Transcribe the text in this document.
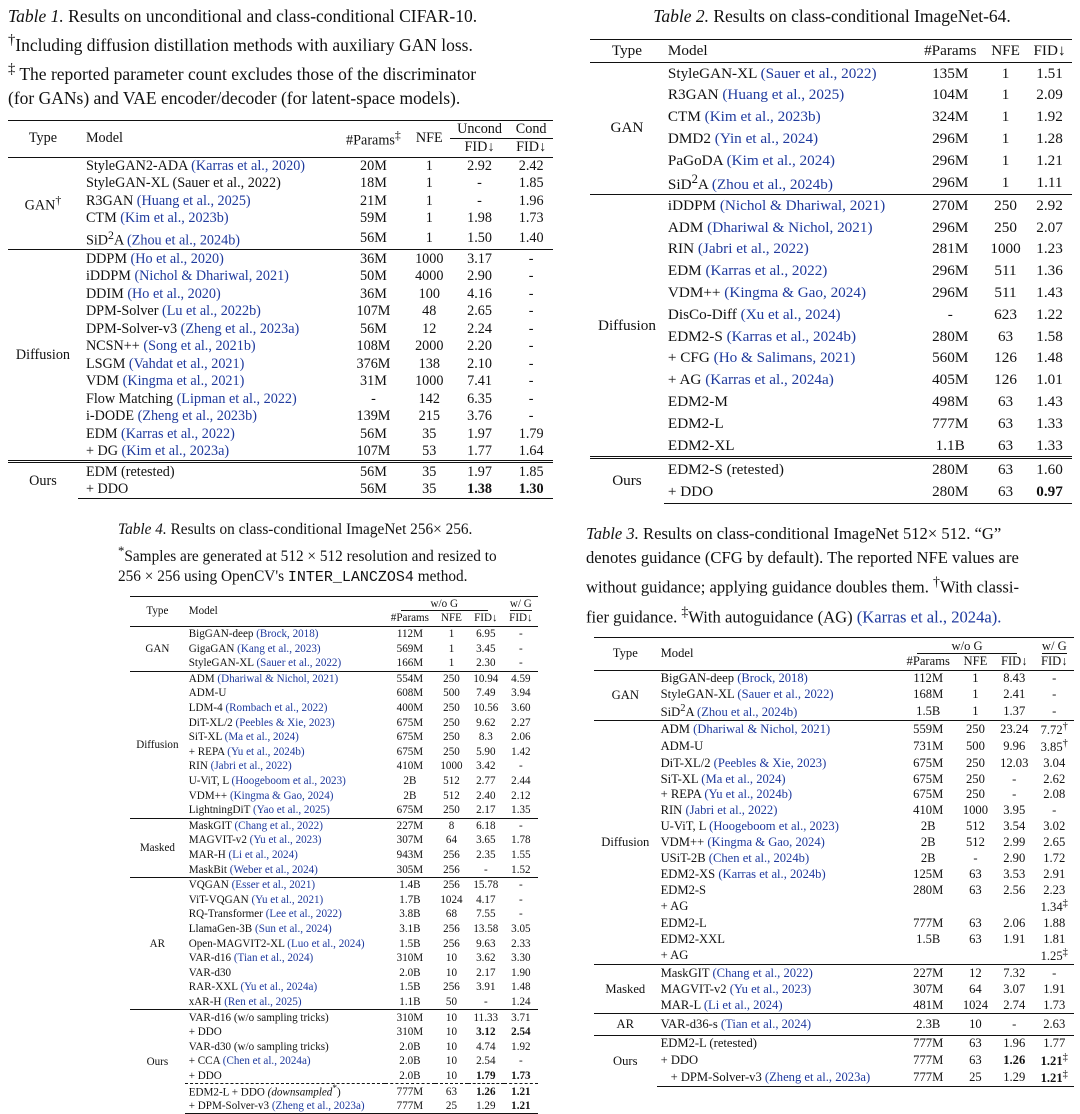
Table 1. Results on unconditional and class-conditional CIFAR-10.
†Including diffusion distillation methods with auxiliary GAN loss.
‡ The reported parameter count excludes those of the discriminator
(for GANs) and VAE encoder/decoder (for latent-space models).
Type	Model	#Params‡	NFE	Uncond	Cond
				FID↓	FID↓
GAN†	StyleGAN2-ADA (Karras et al., 2020)	20M	1	2.92	2.42
	StyleGAN-XL (Sauer et al., 2022)	18M	1	-	1.85
	R3GAN (Huang et al., 2025)	21M	1	-	1.96
	CTM (Kim et al., 2023b)	59M	1	1.98	1.73
	SiD$^2$A (Zhou et al., 2024b)	56M	1	1.50	1.40
Diffusion	DDPM (Ho et al., 2020)	36M	1000	3.17	-
	iDDPM (Nichol & Dhariwal, 2021)	50M	4000	2.90	-
	DDIM (Ho et al., 2020)	36M	100	4.16	-
	DPM-Solver (Lu et al., 2022b)	107M	48	2.65	-
	DPM-Solver-v3 (Zheng et al., 2023a)	56M	12	2.24	-
	NCSN++ (Song et al., 2021b)	108M	2000	2.20	-
	LSGM (Vahdat et al., 2021)	376M	138	2.10	-
	VDM (Kingma et al., 2021)	31M	1000	7.41	-
	Flow Matching (Lipman et al., 2022)	-	142	6.35	-
	i-DODE (Zheng et al., 2023b)	139M	215	3.76	-
	EDM (Karras et al., 2022)	56M	35	1.97	1.79
	+ DG (Kim et al., 2023a)	107M	53	1.77	1.64
Ours	EDM (retested)	56M	35	1.97	1.85
	+ DDO	56M	35	1.38	1.30
Table 2. Results on class-conditional ImageNet-64.
Type	Model	#Params	NFE	FID↓
GAN	StyleGAN-XL (Sauer et al., 2022)	135M	1	1.51
	R3GAN (Huang et al., 2025)	104M	1	2.09
	CTM (Kim et al., 2023b)	324M	1	1.92
	DMD2 (Yin et al., 2024)	296M	1	1.28
	PaGoDA (Kim et al., 2024)	296M	1	1.21
	SiD$^2$A (Zhou et al., 2024b)	296M	1	1.11
Diffusion	iDDPM (Nichol & Dhariwal, 2021)	270M	250	2.92
	ADM (Dhariwal & Nichol, 2021)	296M	250	2.07
	RIN (Jabri et al., 2022)	281M	1000	1.23
	EDM (Karras et al., 2022)	296M	511	1.36
	VDM++ (Kingma & Gao, 2024)	296M	511	1.43
	DisCo-Diff (Xu et al., 2024)	-	623	1.22
	EDM2-S (Karras et al., 2024b)	280M	63	1.58
	+ CFG (Ho & Salimans, 2021)	560M	126	1.48
	+ AG (Karras et al., 2024a)	405M	126	1.01
	EDM2-M	498M	63	1.43
	EDM2-L	777M	63	1.33
	EDM2-XL	1.1B	63	1.33
Ours	EDM2-S (retested)	280M	63	1.60
	+ DDO	280M	63	0.97
Table 4. Results on class-conditional ImageNet 256× 256.
*Samples are generated at 512 × 512 resolution and resized to
256 × 256 using OpenCV's INTER_LANCZOS4 method.
Type	Model	w/o G			w/ G
		#Params	NFE	FID↓	FID↓
GAN	BigGAN-deep (Brock, 2018)	112M	1	6.95	-
	GigaGAN (Kang et al., 2023)	569M	1	3.45	-
	StyleGAN-XL (Sauer et al., 2022)	166M	1	2.30	-
Diffusion	ADM (Dhariwal & Nichol, 2021)	554M	250	10.94	4.59
	ADM-U	608M	500	7.49	3.94
	LDM-4 (Rombach et al., 2022)	400M	250	10.56	3.60
	DiT-XL/2 (Peebles & Xie, 2023)	675M	250	9.62	2.27
	SiT-XL (Ma et al., 2024)	675M	250	8.3	2.06
	+ REPA (Yu et al., 2024b)	675M	250	5.90	1.42
	RIN (Jabri et al., 2022)	410M	1000	3.42	-
	U-ViT, L (Hoogeboom et al., 2023)	2B	512	2.77	2.44
	VDM++ (Kingma & Gao, 2024)	2B	512	2.40	2.12
	LightningDiT (Yao et al., 2025)	675M	250	2.17	1.35
Masked	MaskGIT (Chang et al., 2022)	227M	8	6.18	-
	MAGVIT-v2 (Yu et al., 2023)	307M	64	3.65	1.78
	MAR-H (Li et al., 2024)	943M	256	2.35	1.55
	MaskBit (Weber et al., 2024)	305M	256	-	1.52
AR	VQGAN (Esser et al., 2021)	1.4B	256	15.78	-
	ViT-VQGAN (Yu et al., 2021)	1.7B	1024	4.17	-
	RQ-Transformer (Lee et al., 2022)	3.8B	68	7.55	-
	LlamaGen-3B (Sun et al., 2024)	3.1B	256	13.58	3.05
	Open-MAGVIT2-XL (Luo et al., 2024)	1.5B	256	9.63	2.33
	VAR-d16 (Tian et al., 2024)	310M	10	3.62	3.30
	VAR-d30	2.0B	10	2.17	1.90
	RAR-XXL (Yu et al., 2024a)	1.5B	256	3.91	1.48
	xAR-H (Ren et al., 2025)	1.1B	50	-	1.24
Ours	VAR-d16 (w/o sampling tricks)	310M	10	11.33	3.71
	+ DDO	310M	10	3.12	2.54
	VAR-d30 (w/o sampling tricks)	2.0B	10	4.74	1.92
	+ CCA (Chen et al., 2024a)	2.0B	10	2.54	-
	+ DDO	2.0B	10	1.79	1.73
	EDM2-L + DDO (downsampled*)	777M	63	1.26	1.21
	+ DPM-Solver-v3 (Zheng et al., 2023a)	777M	25	1.29	1.21
Table 3. Results on class-conditional ImageNet 512× 512. “G”
denotes guidance (CFG by default). The reported NFE values are
without guidance; applying guidance doubles them. †With classi-
fier guidance. ‡With autoguidance (AG) (Karras et al., 2024a).
Type	Model	w/o G			w/ G
		#Params	NFE	FID↓	FID↓
GAN	BigGAN-deep (Brock, 2018)	112M	1	8.43	-
	StyleGAN-XL (Sauer et al., 2022)	168M	1	2.41	-
	SiD$^2$A (Zhou et al., 2024b)	1.5B	1	1.37	-
Diffusion	ADM (Dhariwal & Nichol, 2021)	559M	250	23.24	7.72†
	ADM-U	731M	500	9.96	3.85†
	DiT-XL/2 (Peebles & Xie, 2023)	675M	250	12.03	3.04
	SiT-XL (Ma et al., 2024)	675M	250	-	2.62
	+ REPA (Yu et al., 2024b)	675M	250	-	2.08
	RIN (Jabri et al., 2022)	410M	1000	3.95	-
	U-ViT, L (Hoogeboom et al., 2023)	2B	512	3.54	3.02
	VDM++ (Kingma & Gao, 2024)	2B	512	2.99	2.65
	USiT-2B (Chen et al., 2024b)	2B	-	2.90	1.72
	EDM2-XS (Karras et al., 2024b)	125M	63	3.53	2.91
	EDM2-S	280M	63	2.56	2.23
	+ AG				1.34‡
	EDM2-L	777M	63	2.06	1.88
	EDM2-XXL	1.5B	63	1.91	1.81
	+ AG				1.25‡
Masked	MaskGIT (Chang et al., 2022)	227M	12	7.32	-
	MAGVIT-v2 (Yu et al., 2023)	307M	64	3.07	1.91
	MAR-L (Li et al., 2024)	481M	1024	2.74	1.73
AR	VAR-d36-s (Tian et al., 2024)	2.3B	10	-	2.63
Ours	EDM2-L (retested)	777M	63	1.96	1.77
	+ DDO	777M	63	1.26	1.21‡
	+ DPM-Solver-v3 (Zheng et al., 2023a)	777M	25	1.29	1.21‡
